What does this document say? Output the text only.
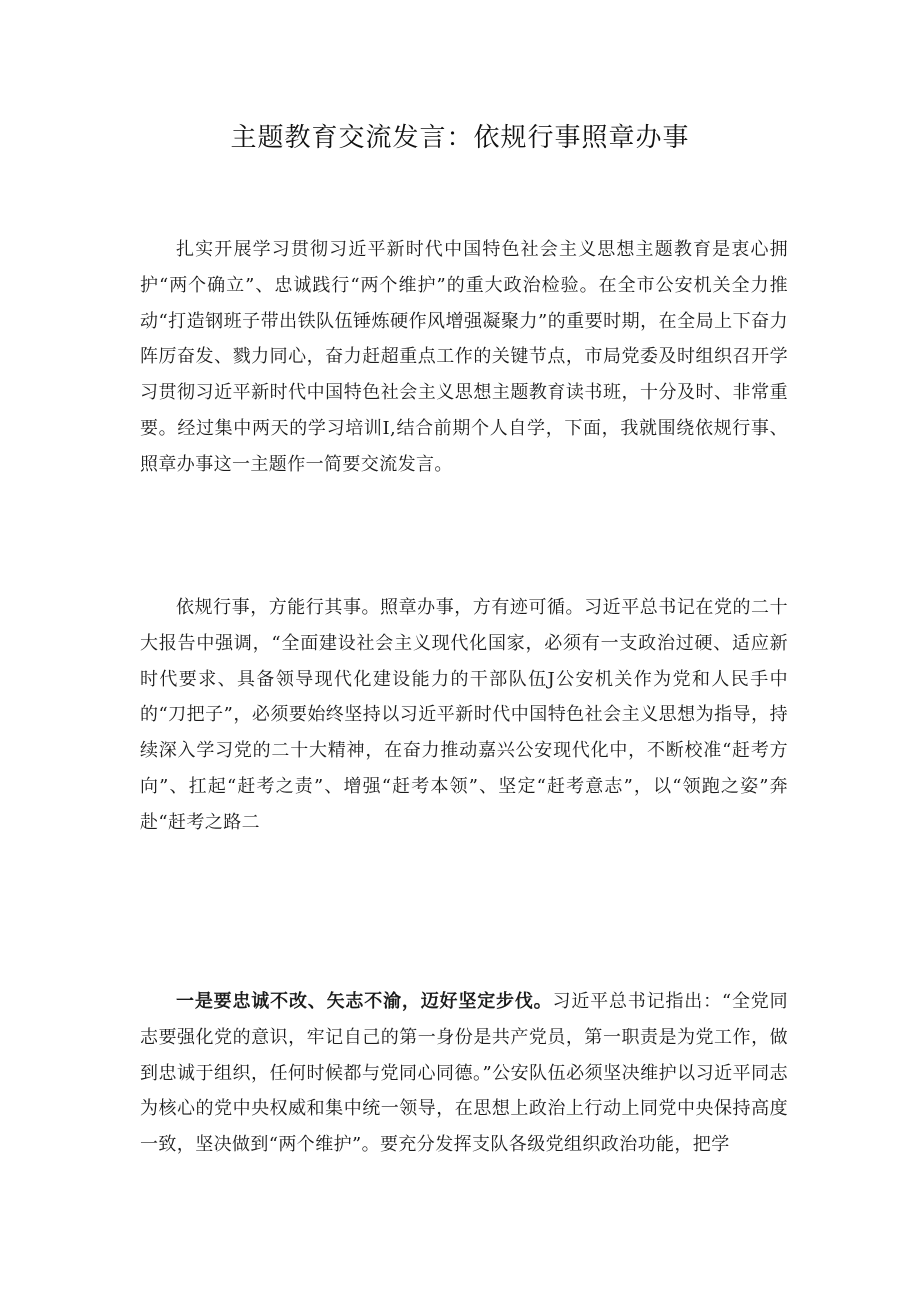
主题教育交流发言：依规行事照章办事

扎实开展学习贯彻习近平新时代中国特色社会主义思想主题教育是衷心拥护“两个确立”、忠诚践行“两个维护”的重大政治检验。在全市公安机关全力推动“打造钢班子带出铁队伍锤炼硬作风增强凝聚力”的重要时期，在全局上下奋力阵厉奋发、戮力同心，奋力赶超重点工作的关键节点，市局党委及时组织召开学习贯彻习近平新时代中国特色社会主义思想主题教育读书班，十分及时、非常重要。经过集中两天的学习培训I,结合前期个人自学，下面，我就围绕依规行事、照章办事这一主题作一简要交流发言。

依规行事，方能行其事。照章办事，方有迹可循。习近平总书记在党的二十大报告中强调，“全面建设社会主义现代化国家，必须有一支政治过硬、适应新时代要求、具备领导现代化建设能力的干部队伍J公安机关作为党和人民手中的“刀把子”，必须要始终坚持以习近平新时代中国特色社会主义思想为指导，持续深入学习党的二十大精神，在奋力推动嘉兴公安现代化中，不断校准“赶考方向”、扛起“赶考之责”、增强“赶考本领”、坚定“赶考意志”，以“领跑之姿”奔赴“赶考之路二

一是要忠诚不改、矢志不渝，迈好坚定步伐。习近平总书记指出：“全党同志要强化党的意识，牢记自己的第一身份是共产党员，第一职责是为党工作，做到忠诚于组织，任何时候都与党同心同德。”公安队伍必须坚决维护以习近平同志为核心的党中央权威和集中统一领导，在思想上政治上行动上同党中央保持高度一致，坚决做到“两个维护”。要充分发挥支队各级党组织政治功能，把学
